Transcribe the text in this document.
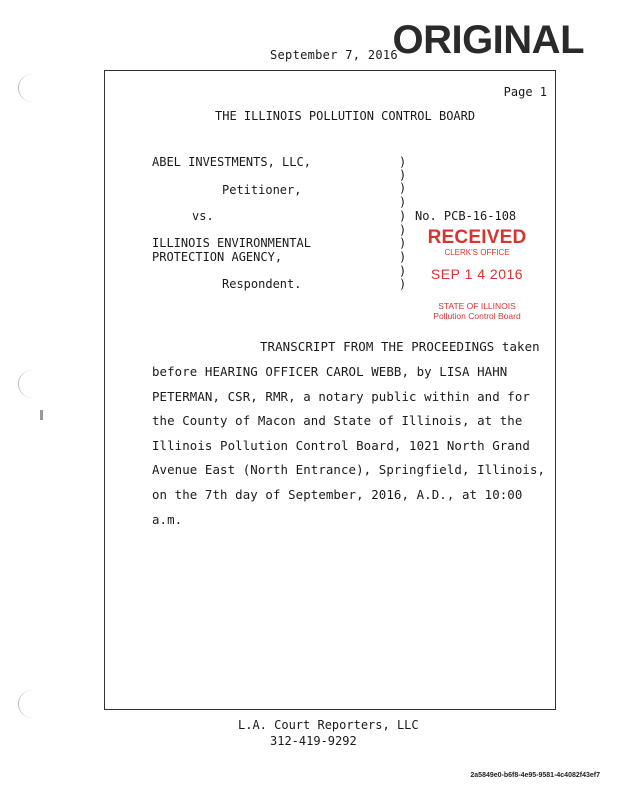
September 7, 2016
ORIGINAL
Page 1
THE ILLINOIS POLLUTION CONTROL BOARD
ABEL INVESTMENTS, LLC,
Petitioner,
vs.
ILLINOIS ENVIRONMENTAL
PROTECTION AGENCY,
Respondent.
)
)
)
)
)
)
)
)
)
)
No. PCB-16-108
RECEIVED
CLERK'S OFFICE
SEP 1 4 2016
STATE OF ILLINOIS
Pollution Control Board
TRANSCRIPT FROM THE PROCEEDINGS taken
before HEARING OFFICER CAROL WEBB, by LISA HAHN
PETERMAN, CSR, RMR, a notary public within and for
the County of Macon and State of Illinois, at the
Illinois Pollution Control Board, 1021 North Grand
Avenue East (North Entrance), Springfield, Illinois,
on the 7th day of September, 2016, A.D., at 10:00
a.m.
L.A. Court Reporters, LLC
312-419-9292
2a5849e0-b6f8-4e95-9581-4c4082f43ef7
